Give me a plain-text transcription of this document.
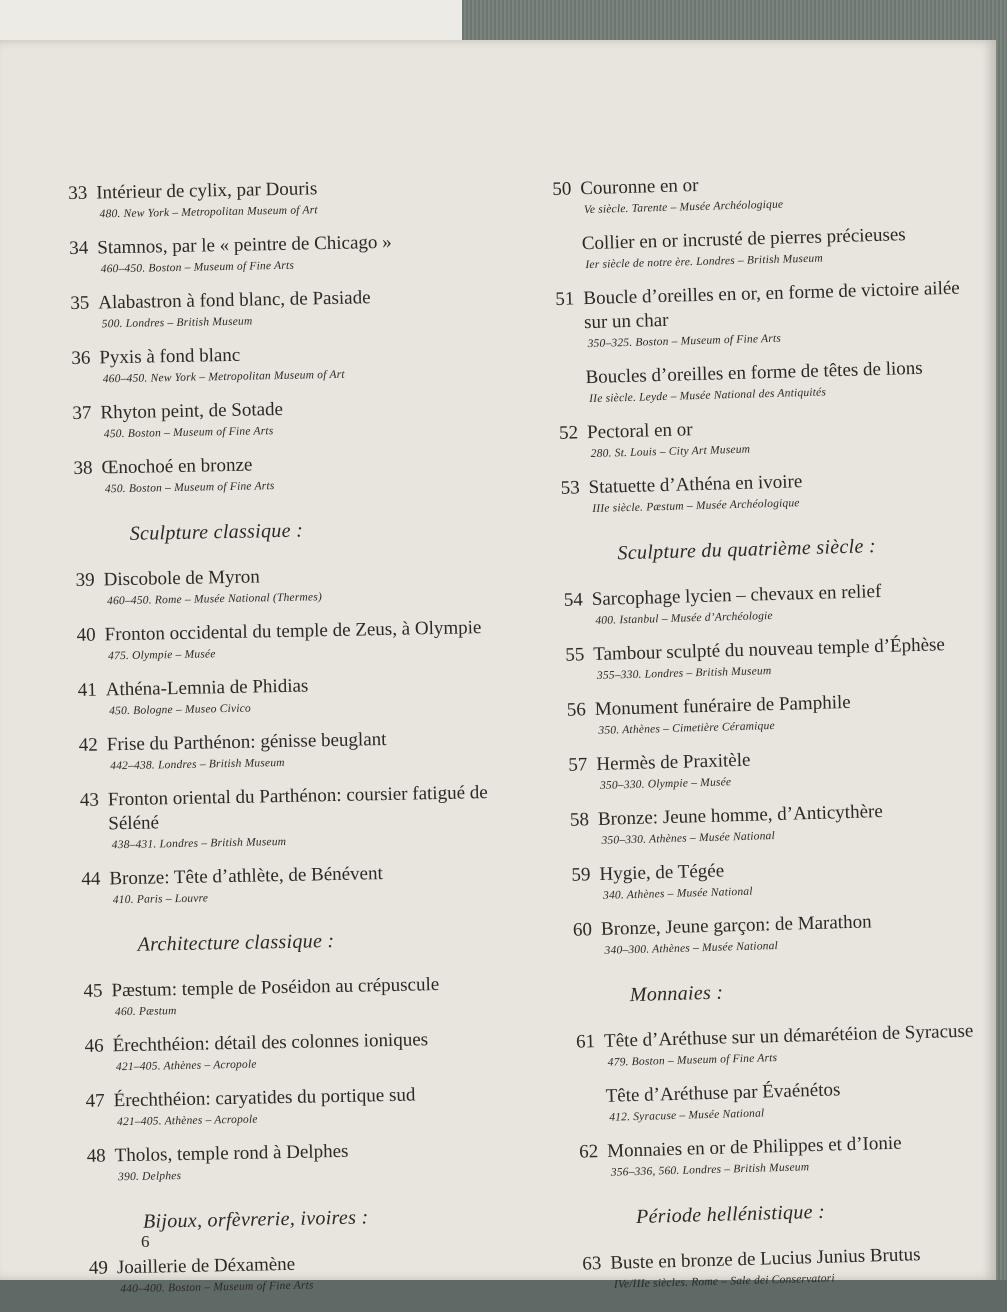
33 Intérieur de cylix, par Douris
480. New York – Metropolitan Museum of Art
34 Stamnos, par le « peintre de Chicago »
460–450. Boston – Museum of Fine Arts
35 Alabastron à fond blanc, de Pasiade
500. Londres – British Museum
36 Pyxis à fond blanc
460–450. New York – Metropolitan Museum of Art
37 Rhyton peint, de Sotade
450. Boston – Museum of Fine Arts
38 Œnochoé en bronze
450. Boston – Museum of Fine Arts
Sculpture classique :
39 Discobole de Myron
460–450. Rome – Musée National (Thermes)
40 Fronton occidental du temple de Zeus, à Olympie
475. Olympie – Musée
41 Athéna-Lemnia de Phidias
450. Bologne – Museo Civico
42 Frise du Parthénon: génisse beuglant
442–438. Londres – British Museum
43 Fronton oriental du Parthénon: coursier fatigué de
Séléné
438–431. Londres – British Museum
44 Bronze: Tête d’athlète, de Bénévent
410. Paris – Louvre
Architecture classique :
45 Pæstum: temple de Poséidon au crépuscule
460. Pæstum
46 Érechthéion: détail des colonnes ioniques
421–405. Athènes – Acropole
47 Érechthéion: caryatides du portique sud
421–405. Athènes – Acropole
48 Tholos, temple rond à Delphes
390. Delphes
Bijoux, orfèvrerie, ivoires :
49 Joaillerie de Déxamène
440–400. Boston – Museum of Fine Arts
50 Couronne en or
Ve siècle. Tarente – Musée Archéologique
Collier en or incrusté de pierres précieuses
Ier siècle de notre ère. Londres – British Museum
51 Boucle d’oreilles en or, en forme de victoire ailée
sur un char
350–325. Boston – Museum of Fine Arts
Boucles d’oreilles en forme de têtes de lions
IIe siècle. Leyde – Musée National des Antiquités
52 Pectoral en or
280. St. Louis – City Art Museum
53 Statuette d’Athéna en ivoire
IIIe siècle. Pæstum – Musée Archéologique
Sculpture du quatrième siècle :
54 Sarcophage lycien – chevaux en relief
400. Istanbul – Musée d’Archéologie
55 Tambour sculpté du nouveau temple d’Éphèse
355–330. Londres – British Museum
56 Monument funéraire de Pamphile
350. Athènes – Cimetière Céramique
57 Hermès de Praxitèle
350–330. Olympie – Musée
58 Bronze: Jeune homme, d’Anticythère
350–330. Athènes – Musée National
59 Hygie, de Tégée
340. Athènes – Musée National
60 Bronze, Jeune garçon: de Marathon
340–300. Athènes – Musée National
Monnaies :
61 Tête d’Aréthuse sur un démarétéion de Syracuse
479. Boston – Museum of Fine Arts
Tête d’Aréthuse par Évaénétos
412. Syracuse – Musée National
62 Monnaies en or de Philippes et d’Ionie
356–336, 560. Londres – British Museum
Période hellénistique :
63 Buste en bronze de Lucius Junius Brutus
IVe/IIIe siècles. Rome – Sale dei Conservatori
6
